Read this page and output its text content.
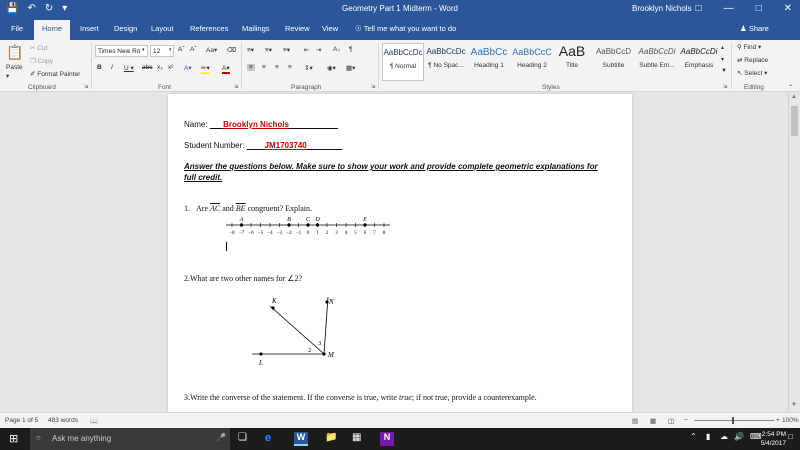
💾 ↶ ↻ ▾	Geometry Part 1 Midterm - Word	Brooklyn Nichols □ — □ ✕
File	Home	Insert Design Layout References Mailings Review View ☉ Tell me what you want to do	♟ Share
📋
Paste
▾
✂ Cut
❐ Copy
✐ Format Painter
Clipboard	⇲
Times New Ro ▾	12	▾ Aˆ Aˇ Aa▾ ⌫
B I U ▾ abc x₂ x² A▾ ✏▾ A▾
Font	⇲
≡▾ ≡▾ ≡▾ ⇤ ⇥ A↓ ¶
≡	≡ ≡ ≡ ⇕▾ ◉▾ ▦▾
Paragraph	⇲
AaBbCcDc
¶ Normal
AaBbCcDc
¶ No Spac...
AaBbCc
Heading 1
AaBbCcC
Heading 2
AaB
Title
AaBbCcD
Subtitle
AaBbCcDi
Subtle Em...
AaBbCcDi
Emphasis
▴
▾
▼
Styles	⇲
⚲ Find ▾
⇄ Replace
↖ Select ▾
Editing	⌃
Name: ___Brooklyn Nichols___________
Student Number: ____JM1703740________
Answer the questions below. Make sure to show your work and provide complete geometric explanations for full credit.
1. Are $\overline{AC}$ and $\overline{BE}$ congruent? Explain.
−8 −7 −6 −5 −4 −3 −2 −1 0 1 2 3 4 5 6 7 8
A	B	C D	E
2.What are two other names for ∠2?
K	N
M
L
2
3
3.Write the converse of the statement. If the converse is true, write true; if not true, provide a counterexample.
▲
▼
Page 1 of 5 483 words 📖	▤ ▦ ◫ −	+ 100%
⊞	○ Ask me anything	🎤 ❏	e	W 📁 ▦	N	⌃	▮	☁ 🔊 ⌨ 2:54 PM
5/4/2017
□
